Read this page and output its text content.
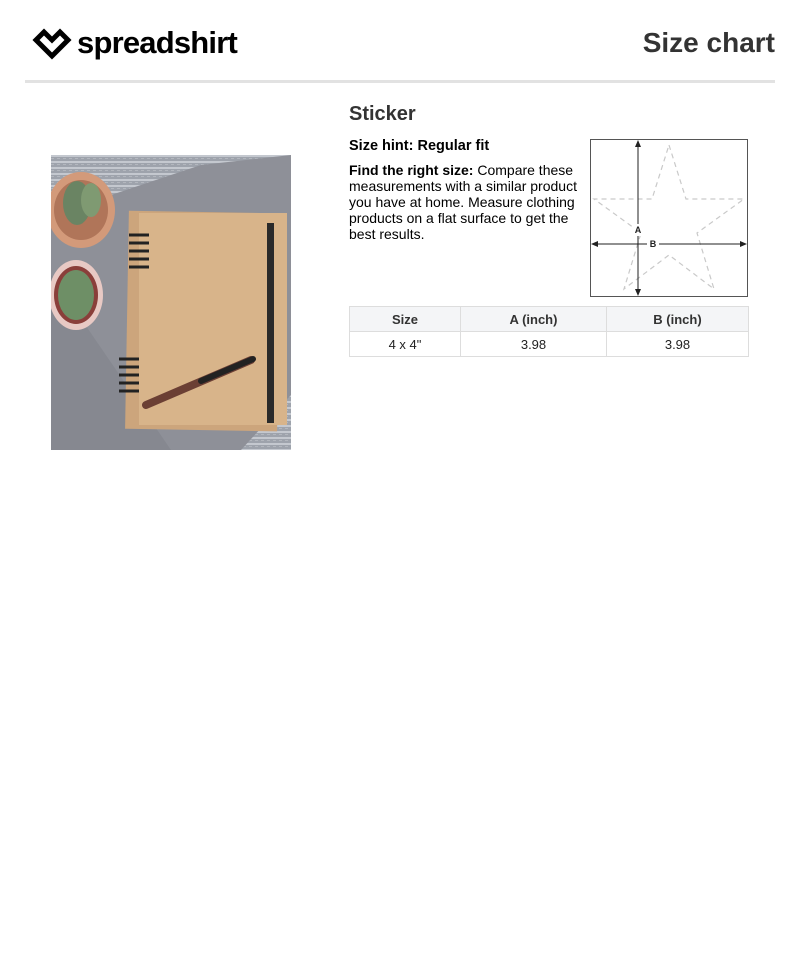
spreadshirt	Size chart
Sticker
Size hint: Regular fit
Find the right size: Compare these measurements with a similar product you have at home. Measure clothing products on a flat surface to get the best results.	A
B
Size	A (inch)	B (inch)
4 x 4"	3.98	3.98
